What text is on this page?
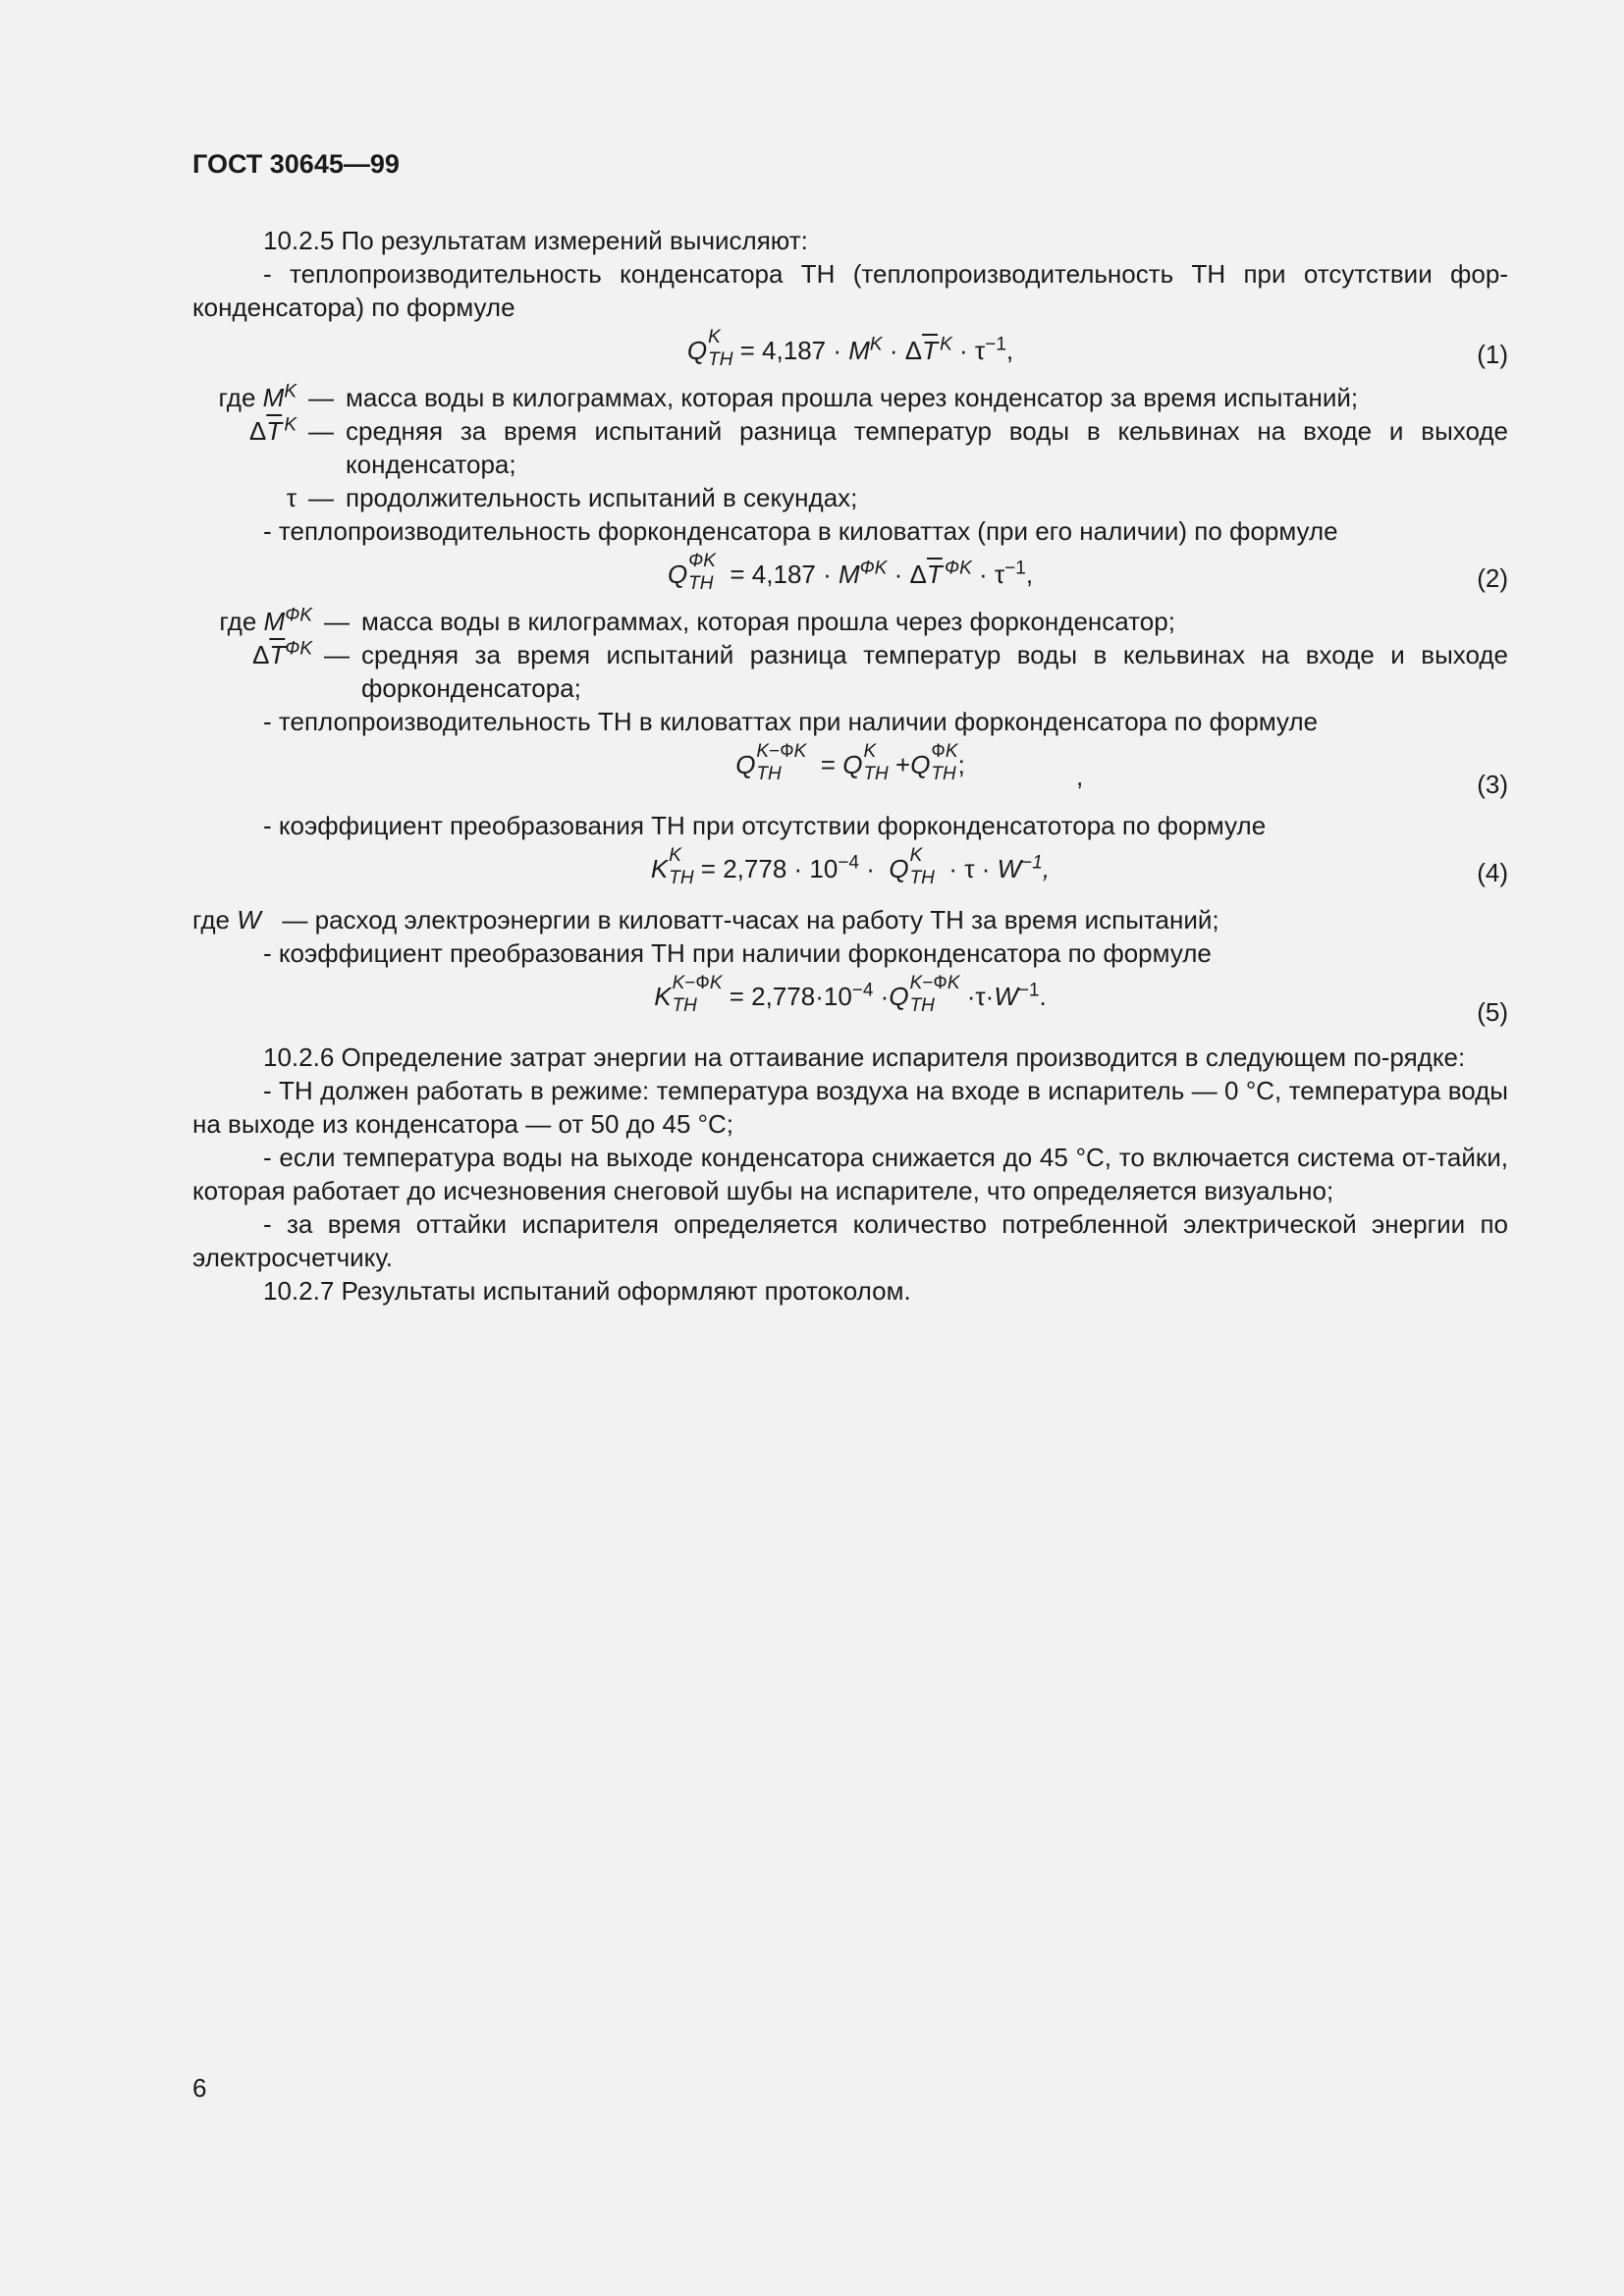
ГОСТ 30645—99

10.2.5 По результатам измерений вычисляют:

- теплопроизводительность конденсатора ТН (теплопроизводительность ТН при отсутствии фор-конденсатора) по формуле

Q K
TH = $4,187 \cdot M^K \cdot \Delta\overline{T}$  $^K \cdot \tau^{-1}$,	(1)
где $M^K$ — масса воды в килограммах, которая прошла через конденсатор за время испытаний;
$\Delta\overline{T}$  $^K$ — средняя за время испытаний разница температур воды в кельвинах на входе и выходе конденсатора;
τ — продолжительность испытаний в секундах;

- теплопроизводительность форконденсатора в киловаттах (при его наличии) по формуле

Q ФK
TH = $4,187 \cdot M^{ФK} \cdot \Delta\overline{T}$  $^{ФK} \cdot \tau^{-1}$,	(2)
где $M^{ФK}$ — масса воды в килограммах, которая прошла через форконденсатор;
$\Delta\overline{T}^{ФK}$ — средняя за время испытаний разница температур воды в кельвинах на входе и выходе форконденсатора;

- теплопроизводительность ТН в киловаттах при наличии форконденсатора по формуле

Q K−ФK
TH = Q K
TH +Q ФK
TH ;	,	(3)

- коэффициент преобразования ТН при отсутствии форконденсатотора по формуле

K K
TH = $2,778 \cdot 10^{-4} \cdot Q$ K
TH · $\tau \cdot W^{-1}$,	(4)

где W — расход электроэнергии в киловатт-часах на работу ТН за время испытаний;

- коэффициент преобразования ТН при наличии форконденсатора по формуле

K K−ФK
TH = $2,778\cdot 10^{-4} \cdot Q$ K−ФK
TH $\cdot\tau\cdot W^{-1}$.
(5)

10.2.6 Определение затрат энергии на оттаивание испарителя производится в следующем по-рядке:

- ТН должен работать в режиме: температура воздуха на входе в испаритель — 0 °С, температура воды на выходе из конденсатора — от 50 до 45 °С;

- если температура воды на выходе конденсатора снижается до 45 °С, то включается система от-тайки, которая работает до исчезновения снеговой шубы на испарителе, что определяется визуально;

- за время оттайки испарителя определяется количество потребленной электрической энергии по электросчетчику.

10.2.7 Результаты испытаний оформляют протоколом.

6
